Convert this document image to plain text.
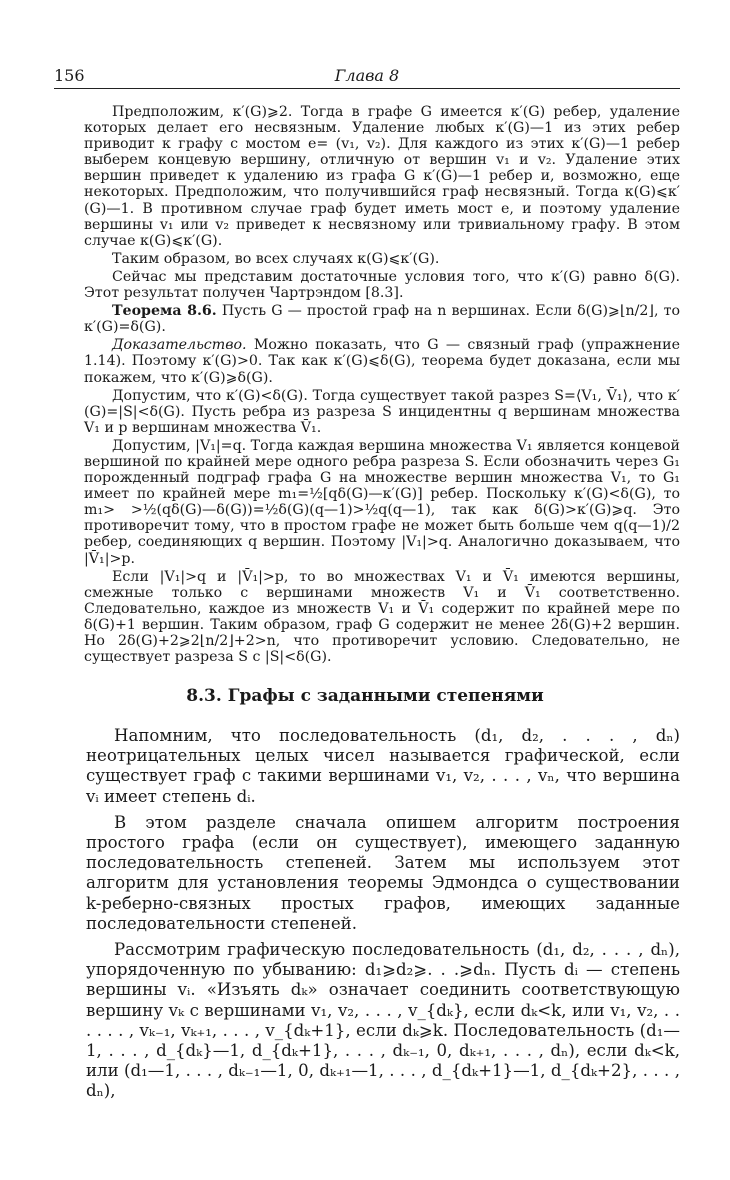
156	Глава 8

Предположим, κ′(G)⩾2. Тогда в графе G имеется κ′(G) ребер, удаление которых делает его несвязным. Удаление любых κ′(G)—1 из этих ребер приводит к графу с мостом e= (v₁, v₂). Для каждого из этих κ′(G)—1 ребер выберем концевую вершину, отличную от вершин v₁ и v₂. Удаление этих вершин приведет к удалению из графа G κ′(G)—1 ребер и, возможно, еще некоторых. Предположим, что получившийся граф несвязный. Тогда κ(G)⩽κ′(G)—1. В противном случае граф будет иметь мост e, и поэтому удаление вершины v₁ или v₂ приведет к несвязному или тривиальному графу. В этом случае κ(G)⩽κ′(G).

Таким образом, во всех случаях κ(G)⩽κ′(G).

Сейчас мы представим достаточные условия того, что κ′(G) равно δ(G). Этот результат получен Чартрэндом [8.3].

Теорема 8.6. Пусть G — простой граф на n вершинах. Если δ(G)⩾⌊n/2⌋, то κ′(G)=δ(G).

Доказательство. Можно показать, что G — связный граф (упражнение 1.14). Поэтому κ′(G)>0. Так как κ′(G)⩽δ(G), теорема будет доказана, если мы покажем, что κ′(G)⩾δ(G).

Допустим, что κ′(G)<δ(G). Тогда существует такой разрез S=⟨V₁, V̄₁⟩, что κ′(G)=|S|<δ(G). Пусть ребра из разреза S инцидентны q вершинам множества V₁ и p вершинам множества V̄₁.

Допустим, |V₁|=q. Тогда каждая вершина множества V₁ является концевой вершиной по крайней мере одного ребра разреза S. Если обозначить через G₁ порожденный подграф графа G на множестве вершин множества V₁, то G₁ имеет по крайней мере m₁=½[qδ(G)—κ′(G)] ребер. Поскольку κ′(G)<δ(G), то m₁> >½(qδ(G)—δ(G))=½δ(G)(q—1)>½q(q—1), так как δ(G)>κ′(G)⩾q. Это противоречит тому, что в простом графе не может быть больше чем q(q—1)/2 ребер, соединяющих q вершин. Поэтому |V₁|>q. Аналогично доказываем, что |V̄₁|>p.

Если |V₁|>q и |V̄₁|>p, то во множествах V₁ и V̄₁ имеются вершины, смежные только с вершинами множеств V₁ и V̄₁ соответственно. Следовательно, каждое из множеств V₁ и V̄₁ содержит по крайней мере по δ(G)+1 вершин. Таким образом, граф G содержит не менее 2δ(G)+2 вершин. Но 2δ(G)+2⩾2⌊n/2⌋+2>n, что противоречит условию. Следовательно, не существует разреза S с |S|<δ(G).

8.3. Графы с заданными степенями

Напомним, что последовательность (d₁, d₂, . . . , dₙ) неотрицательных целых чисел называется графической, если существует граф с такими вершинами v₁, v₂, . . . , vₙ, что вершина vᵢ имеет степень dᵢ.

В этом разделе сначала опишем алгоритм построения простого графа (если он существует), имеющего заданную последовательность степеней. Затем мы используем этот алгоритм для установления теоремы Эдмондса о существовании k-реберно-связных простых графов, имеющих заданные последовательности степеней.

Рассмотрим графическую последовательность (d₁, d₂, . . . , dₙ), упорядоченную по убыванию: d₁⩾d₂⩾. . .⩾dₙ. Пусть dᵢ — степень вершины vᵢ. «Изъять dₖ» означает соединить соответствующую вершину vₖ с вершинами v₁, v₂, . . . , v_{dₖ}, если dₖ<k, или v₁, v₂, . . . . . . , vₖ₋₁, vₖ₊₁, . . . , v_{dₖ+1}, если dₖ⩾k. Последовательность (d₁—1, . . . , d_{dₖ}—1, d_{dₖ+1}, . . . , dₖ₋₁, 0, dₖ₊₁, . . . , dₙ), если dₖ<k, или (d₁—1, . . . , dₖ₋₁—1, 0, dₖ₊₁—1, . . . , d_{dₖ+1}—1, d_{dₖ+2}, . . . , dₙ),
